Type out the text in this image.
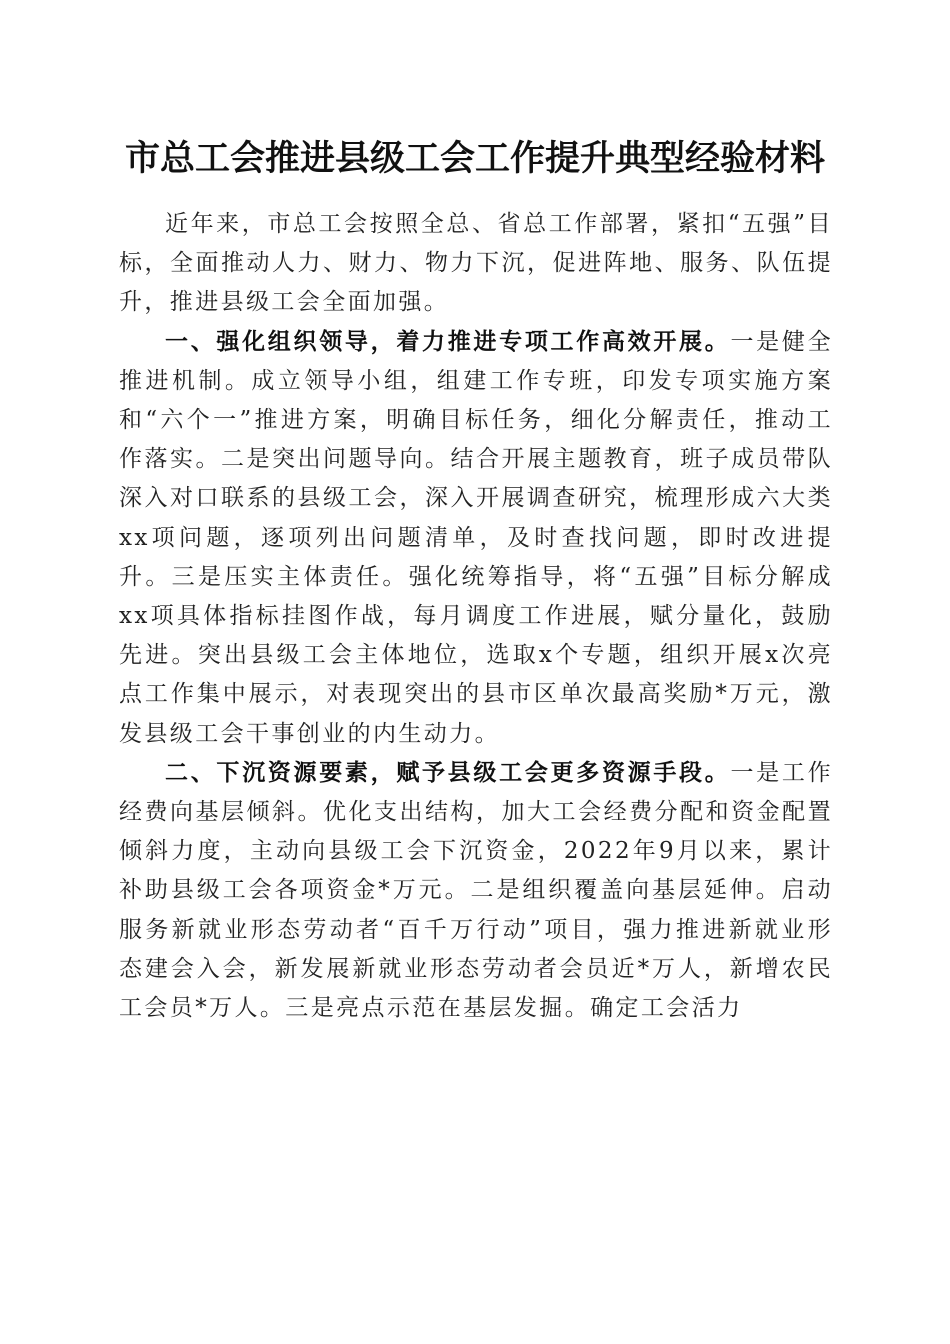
市总工会推进县级工会工作提升典型经验材料

近年来，市总工会按照全总、省总工作部署，紧扣“五强”目标，全面推动人力、财力、物力下沉，促进阵地、服务、队伍提升，推进县级工会全面加强。

一、强化组织领导，着力推进专项工作高效开展。一是健全推进机制。成立领导小组，组建工作专班，印发专项实施方案和“六个一”推进方案，明确目标任务，细化分解责任，推动工作落实。二是突出问题导向。结合开展主题教育，班子成员带队深入对口联系的县级工会，深入开展调查研究，梳理形成六大类xx项问题，逐项列出问题清单，及时查找问题，即时改进提升。三是压实主体责任。强化统筹指导，将“五强”目标分解成xx项具体指标挂图作战，每月调度工作进展，赋分量化，鼓励先进。突出县级工会主体地位，选取x个专题，组织开展x次亮点工作集中展示，对表现突出的县市区单次最高奖励*万元，激发县级工会干事创业的内生动力。

二、下沉资源要素，赋予县级工会更多资源手段。一是工作经费向基层倾斜。优化支出结构，加大工会经费分配和资金配置倾斜力度，主动向县级工会下沉资金，2022年9月以来，累计补助县级工会各项资金*万元。二是组织覆盖向基层延伸。启动服务新就业形态劳动者“百千万行动”项目，强力推进新就业形态建会入会，新发展新就业形态劳动者会员近*万人，新增农民工会员*万人。三是亮点示范在基层发掘。确定工会活力
